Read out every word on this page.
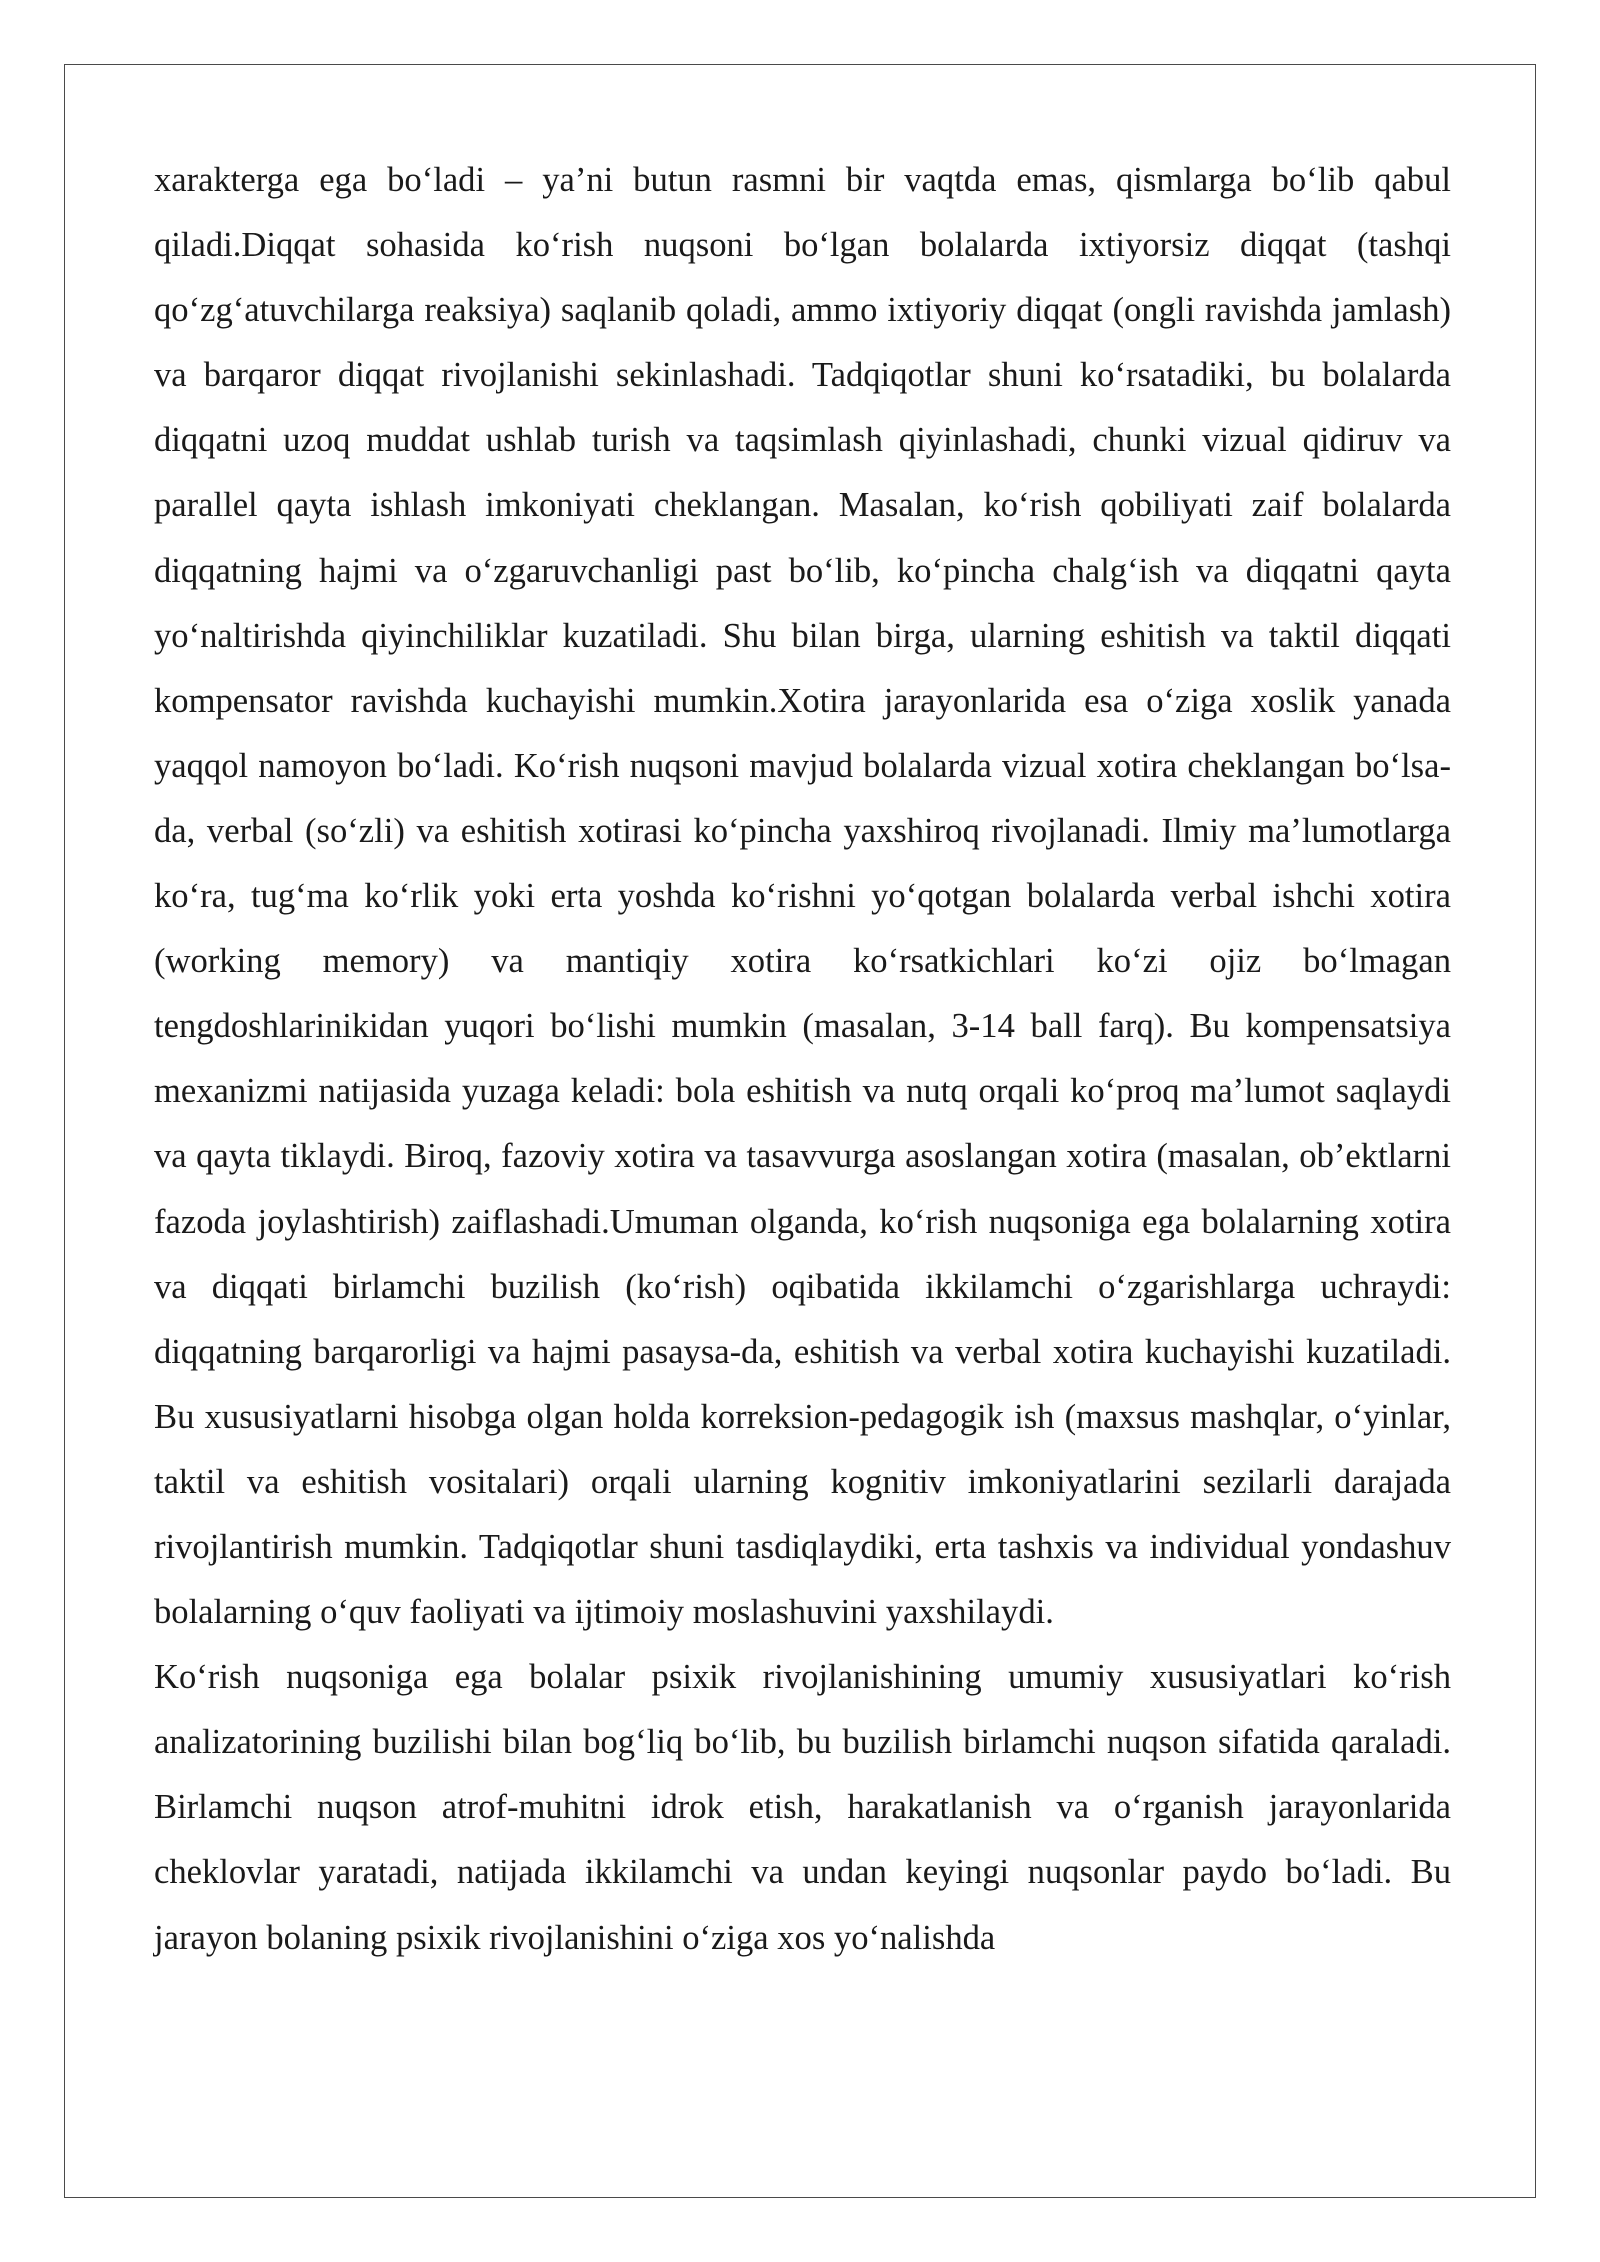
xarakterga ega bo‘ladi – ya’ni butun rasmni bir vaqtda emas, qismlarga bo‘lib qabul qiladi.Diqqat sohasida ko‘rish nuqsoni bo‘lgan bolalarda ixtiyorsiz diqqat (tashqi qo‘zg‘atuvchilarga reaksiya) saqlanib qoladi, ammo ixtiyoriy diqqat (ongli ravishda jamlash) va barqaror diqqat rivojlanishi sekinlashadi. Tadqiqotlar shuni ko‘rsatadiki, bu bolalarda diqqatni uzoq muddat ushlab turish va taqsimlash qiyinlashadi, chunki vizual qidiruv va parallel qayta ishlash imkoniyati cheklangan. Masalan, ko‘rish qobiliyati zaif bolalarda diqqatning hajmi va o‘zgaruvchanligi past bo‘lib, ko‘pincha chalg‘ish va diqqatni qayta yo‘naltirishda qiyinchiliklar kuzatiladi. Shu bilan birga, ularning eshitish va taktil diqqati kompensator ravishda kuchayishi mumkin.Xotira jarayonlarida esa o‘ziga xoslik yanada yaqqol namoyon bo‘ladi. Ko‘rish nuqsoni mavjud bolalarda vizual xotira cheklangan bo‘lsa-da, verbal (so‘zli) va eshitish xotirasi ko‘pincha yaxshiroq rivojlanadi. Ilmiy ma’lumotlarga ko‘ra, tug‘ma ko‘rlik yoki erta yoshda ko‘rishni yo‘qotgan bolalarda verbal ishchi xotira (working memory) va mantiqiy xotira ko‘rsatkichlari ko‘zi ojiz bo‘lmagan tengdoshlarinikidan yuqori bo‘lishi mumkin (masalan, 3-14 ball farq). Bu kompensatsiya mexanizmi natijasida yuzaga keladi: bola eshitish va nutq orqali ko‘proq ma’lumot saqlaydi va qayta tiklaydi. Biroq, fazoviy xotira va tasavvurga asoslangan xotira (masalan, ob’ektlarni fazoda joylashtirish) zaiflashadi.Umuman olganda, ko‘rish nuqsoniga ega bolalarning xotira va diqqati birlamchi buzilish (ko‘rish) oqibatida ikkilamchi o‘zgarishlarga uchraydi: diqqatning barqarorligi va hajmi pasaysa-da, eshitish va verbal xotira kuchayishi kuzatiladi. Bu xususiyatlarni hisobga olgan holda korreksion-pedagogik ish (maxsus mashqlar, o‘yinlar, taktil va eshitish vositalari) orqali ularning kognitiv imkoniyatlarini sezilarli darajada rivojlantirish mumkin. Tadqiqotlar shuni tasdiqlaydiki, erta tashxis va individual yondashuv bolalarning o‘quv faoliyati va ijtimoiy moslashuvini yaxshilaydi.

Ko‘rish nuqsoniga ega bolalar psixik rivojlanishining umumiy xususiyatlari ko‘rish analizatorining buzilishi bilan bog‘liq bo‘lib, bu buzilish birlamchi nuqson sifatida qaraladi. Birlamchi nuqson atrof-muhitni idrok etish, harakatlanish va o‘rganish jarayonlarida cheklovlar yaratadi, natijada ikkilamchi va undan keyingi nuqsonlar paydo bo‘ladi. Bu jarayon bolaning psixik rivojlanishini o‘ziga xos yo‘nalishda
